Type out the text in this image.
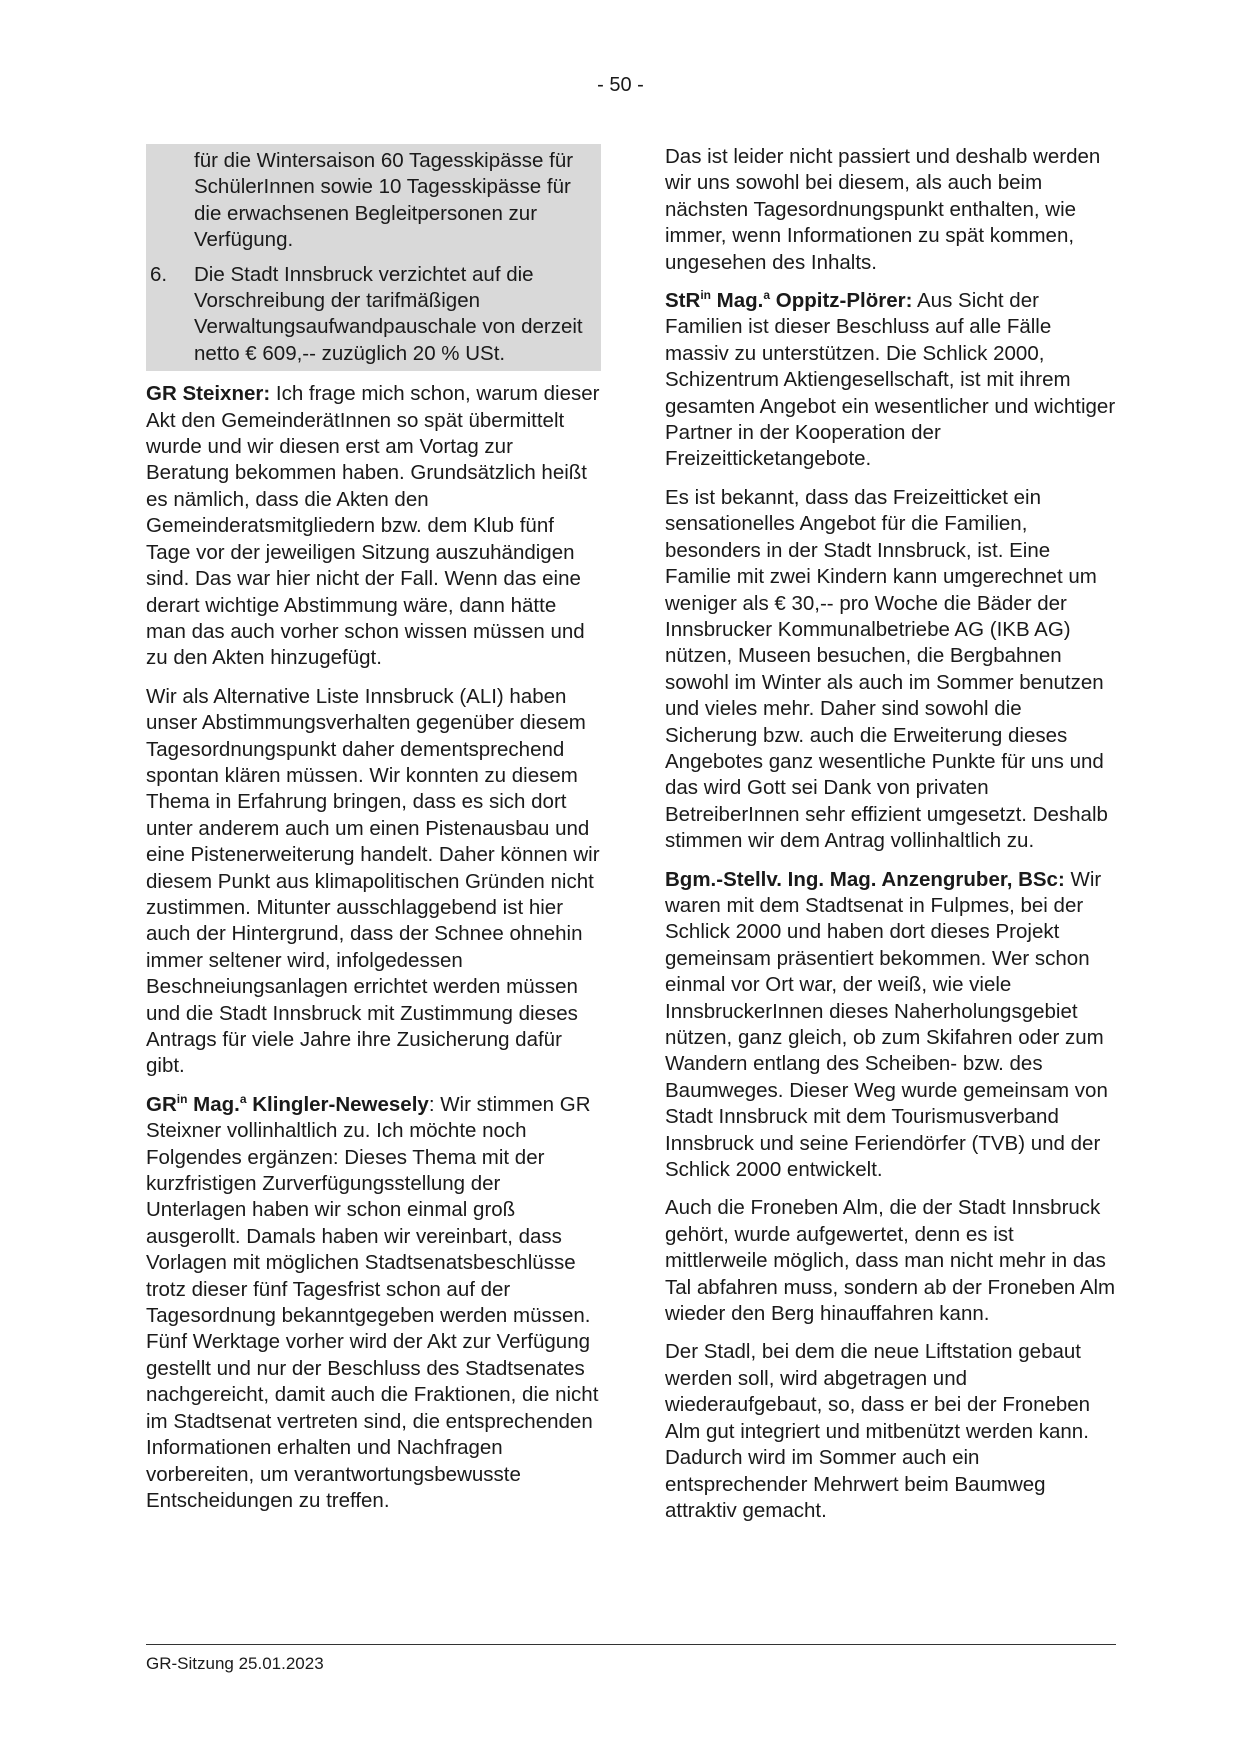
- 50 -

für die Wintersaison 60 Tagesskipässe für SchülerInnen sowie 10 Tagesskipässe für die erwachsenen Begleitpersonen zur Verfügung.

6. Die Stadt Innsbruck verzichtet auf die Vorschreibung der tarifmäßigen Verwaltungsaufwandpauschale von derzeit netto € 609,-- zuzüglich 20 % USt.

GR Steixner: Ich frage mich schon, warum dieser Akt den GemeinderätInnen so spät übermittelt wurde und wir diesen erst am Vortag zur Beratung bekommen haben. Grundsätzlich heißt es nämlich, dass die Akten den Gemeinderatsmitgliedern bzw. dem Klub fünf Tage vor der jeweiligen Sitzung auszuhändigen sind. Das war hier nicht der Fall. Wenn das eine derart wichtige Abstimmung wäre, dann hätte man das auch vorher schon wissen müssen und zu den Akten hinzugefügt.

Wir als Alternative Liste Innsbruck (ALI) haben unser Abstimmungsverhalten gegenüber diesem Tagesordnungspunkt daher dementsprechend spontan klären müssen. Wir konnten zu diesem Thema in Erfahrung bringen, dass es sich dort unter anderem auch um einen Pistenausbau und eine Pistenerweiterung handelt. Daher können wir diesem Punkt aus klimapolitischen Gründen nicht zustimmen. Mitunter ausschlaggebend ist hier auch der Hintergrund, dass der Schnee ohnehin immer seltener wird, infolgedessen Beschneiungsanlagen errichtet werden müssen und die Stadt Innsbruck mit Zustimmung dieses Antrags für viele Jahre ihre Zusicherung dafür gibt.

$GR^{in}$ Mag.$^a$ Klingler-Newesely: Wir stimmen GR Steixner vollinhaltlich zu. Ich möchte noch Folgendes ergänzen: Dieses Thema mit der kurzfristigen Zurverfügungsstellung der Unterlagen haben wir schon einmal groß ausgerollt. Damals haben wir vereinbart, dass Vorlagen mit möglichen Stadtsenatsbeschlüsse trotz dieser fünf Tagesfrist schon auf der Tagesordnung bekanntgegeben werden müssen. Fünf Werktage vorher wird der Akt zur Verfügung gestellt und nur der Beschluss des Stadtsenates nachgereicht, damit auch die Fraktionen, die nicht im Stadtsenat vertreten sind, die entsprechenden Informationen erhalten und Nachfragen vorbereiten, um verantwortungsbewusste Entscheidungen zu treffen.

Das ist leider nicht passiert und deshalb werden wir uns sowohl bei diesem, als auch beim nächsten Tagesordnungspunkt enthalten, wie immer, wenn Informationen zu spät kommen, ungesehen des Inhalts.

StR$^{in}$ Mag.$^a$ Oppitz-Plörer: Aus Sicht der Familien ist dieser Beschluss auf alle Fälle massiv zu unterstützen. Die Schlick 2000, Schizentrum Aktiengesellschaft, ist mit ihrem gesamten Angebot ein wesentlicher und wichtiger Partner in der Kooperation der Freizeitticketangebote.

Es ist bekannt, dass das Freizeitticket ein sensationelles Angebot für die Familien, besonders in der Stadt Innsbruck, ist. Eine Familie mit zwei Kindern kann umgerechnet um weniger als € 30,-- pro Woche die Bäder der Innsbrucker Kommunalbetriebe AG (IKB AG) nützen, Museen besuchen, die Bergbahnen sowohl im Winter als auch im Sommer benutzen und vieles mehr. Daher sind sowohl die Sicherung bzw. auch die Erweiterung dieses Angebotes ganz wesentliche Punkte für uns und das wird Gott sei Dank von privaten BetreiberInnen sehr effizient umgesetzt. Deshalb stimmen wir dem Antrag vollinhaltlich zu.

Bgm.-Stellv. Ing. Mag. Anzengruber, BSc: Wir waren mit dem Stadtsenat in Fulpmes, bei der Schlick 2000 und haben dort dieses Projekt gemeinsam präsentiert bekommen. Wer schon einmal vor Ort war, der weiß, wie viele InnsbruckerInnen dieses Naherholungsgebiet nützen, ganz gleich, ob zum Skifahren oder zum Wandern entlang des Scheiben- bzw. des Baumweges. Dieser Weg wurde gemeinsam von Stadt Innsbruck mit dem Tourismusverband Innsbruck und seine Feriendörfer (TVB) und der Schlick 2000 entwickelt.

Auch die Froneben Alm, die der Stadt Innsbruck gehört, wurde aufgewertet, denn es ist mittlerweile möglich, dass man nicht mehr in das Tal abfahren muss, sondern ab der Froneben Alm wieder den Berg hinauffahren kann.

Der Stadl, bei dem die neue Liftstation gebaut werden soll, wird abgetragen und wiederaufgebaut, so, dass er bei der Froneben Alm gut integriert und mitbenützt werden kann. Dadurch wird im Sommer auch ein entsprechender Mehrwert beim Baumweg attraktiv gemacht.

GR-Sitzung 25.01.2023
